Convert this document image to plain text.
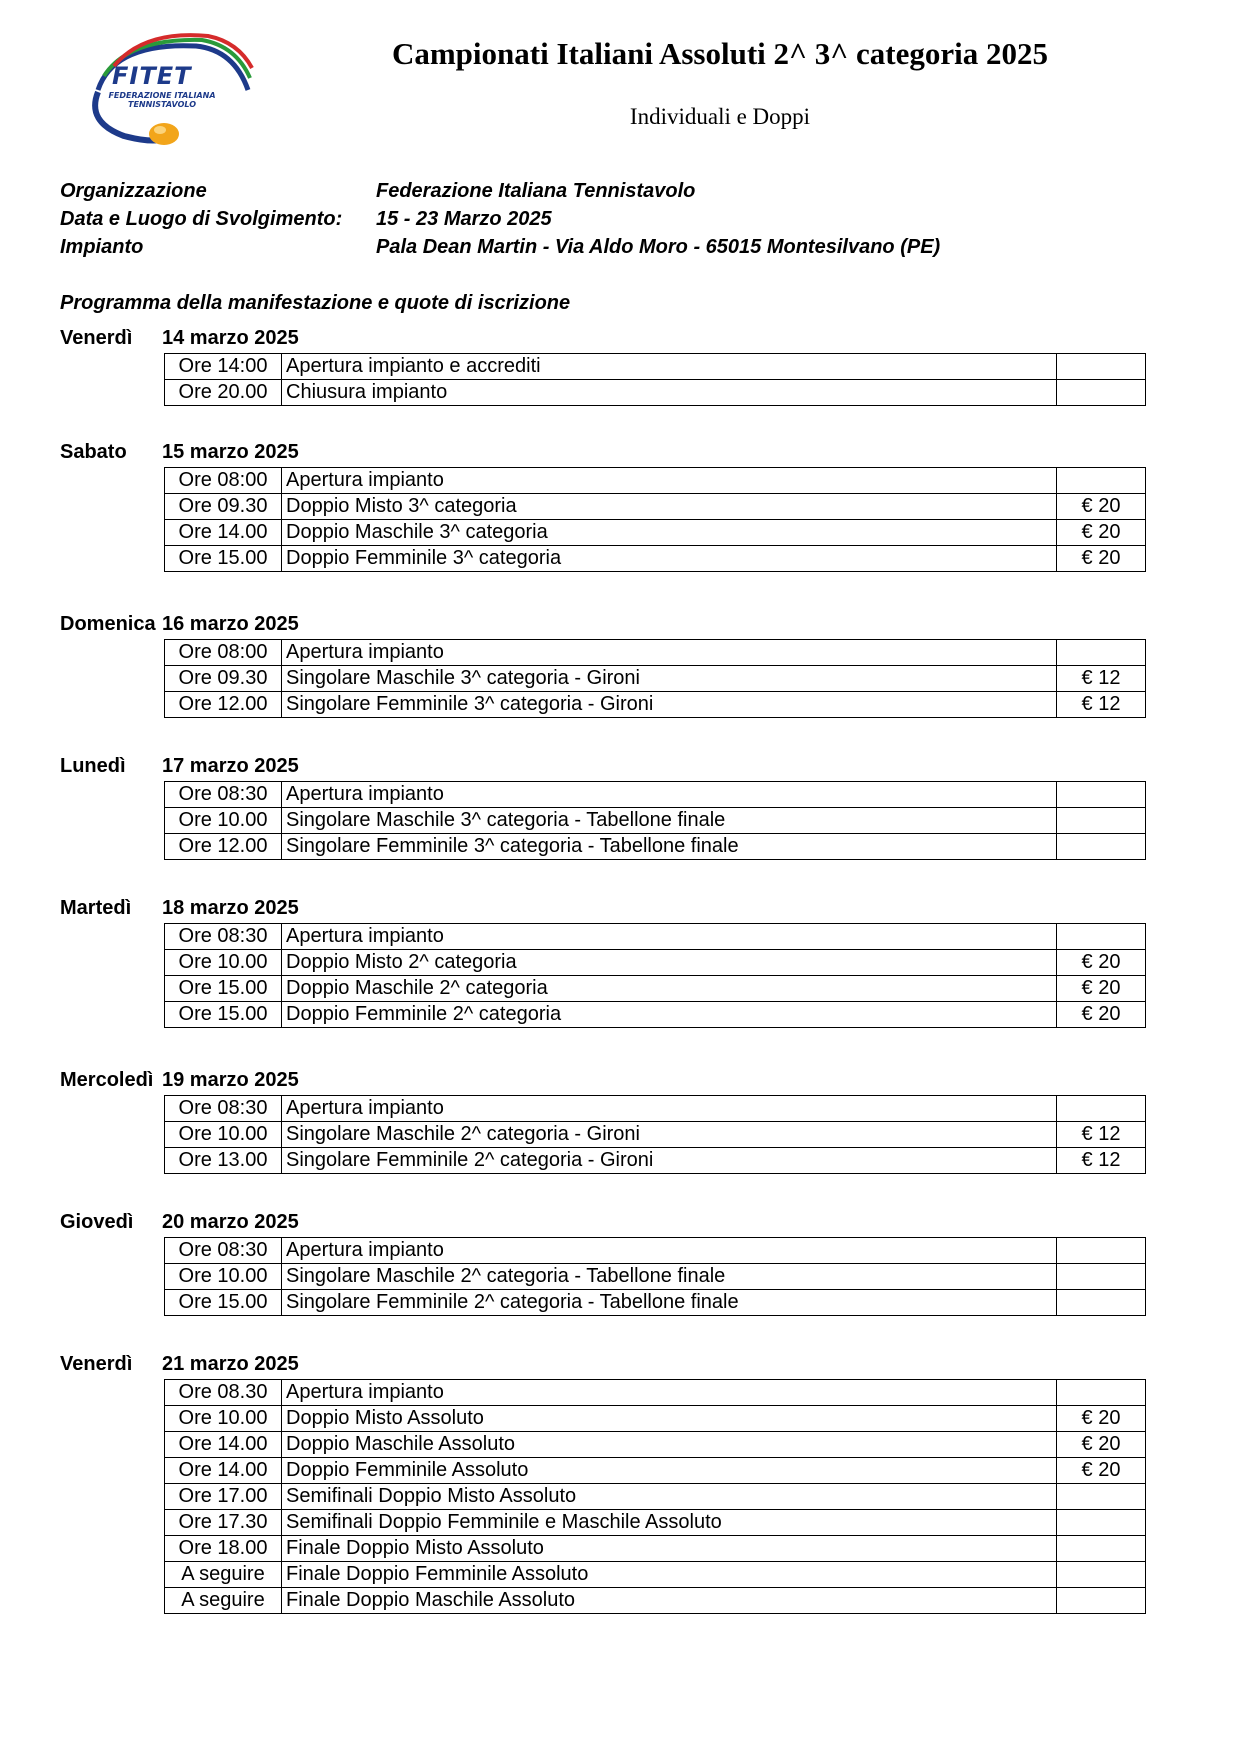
FITET
FEDERAZIONE ITALIANA TENNISTAVOLO
Campionati Italiani Assoluti 2^ 3^ categoria 2025
Individuali e Doppi
Organizzazione	Federazione Italiana Tennistavolo
Data e Luogo di Svolgimento: 15 - 23 Marzo 2025
Impianto	Pala Dean Martin - Via Aldo Moro - 65015 Montesilvano (PE)
Programma della manifestazione e quote di iscrizione
Venerdì 14 marzo 2025
Ore 14:00	Apertura impianto e accrediti	
Ore 20.00	Chiusura impianto	
Sabato 15 marzo 2025
Ore 08:00	Apertura impianto	
Ore 09.30	Doppio Misto 3^ categoria	€ 20
Ore 14.00	Doppio Maschile 3^ categoria	€ 20
Ore 15.00	Doppio Femminile 3^ categoria	€ 20
Domenica 16 marzo 2025
Ore 08:00	Apertura impianto	
Ore 09.30	Singolare Maschile 3^ categoria - Gironi	€ 12
Ore 12.00	Singolare Femminile 3^ categoria - Gironi	€ 12
Lunedì 17 marzo 2025
Ore 08:30	Apertura impianto	
Ore 10.00	Singolare Maschile 3^ categoria - Tabellone finale	
Ore 12.00	Singolare Femminile 3^ categoria - Tabellone finale	
Martedì 18 marzo 2025
Ore 08:30	Apertura impianto	
Ore 10.00	Doppio Misto 2^ categoria	€ 20
Ore 15.00	Doppio Maschile 2^ categoria	€ 20
Ore 15.00	Doppio Femminile 2^ categoria	€ 20
Mercoledì 19 marzo 2025
Ore 08:30	Apertura impianto	
Ore 10.00	Singolare Maschile 2^ categoria - Gironi	€ 12
Ore 13.00	Singolare Femminile 2^ categoria - Gironi	€ 12
Giovedì 20 marzo 2025
Ore 08:30	Apertura impianto	
Ore 10.00	Singolare Maschile 2^ categoria - Tabellone finale	
Ore 15.00	Singolare Femminile 2^ categoria - Tabellone finale	
Venerdì 21 marzo 2025
Ore 08.30	Apertura impianto	
Ore 10.00	Doppio Misto Assoluto	€ 20
Ore 14.00	Doppio Maschile Assoluto	€ 20
Ore 14.00	Doppio Femminile Assoluto	€ 20
Ore 17.00	Semifinali Doppio Misto Assoluto	
Ore 17.30	Semifinali Doppio Femminile e Maschile Assoluto	
Ore 18.00	Finale Doppio Misto Assoluto	
A seguire	Finale Doppio Femminile Assoluto	
A seguire	Finale Doppio Maschile Assoluto	
